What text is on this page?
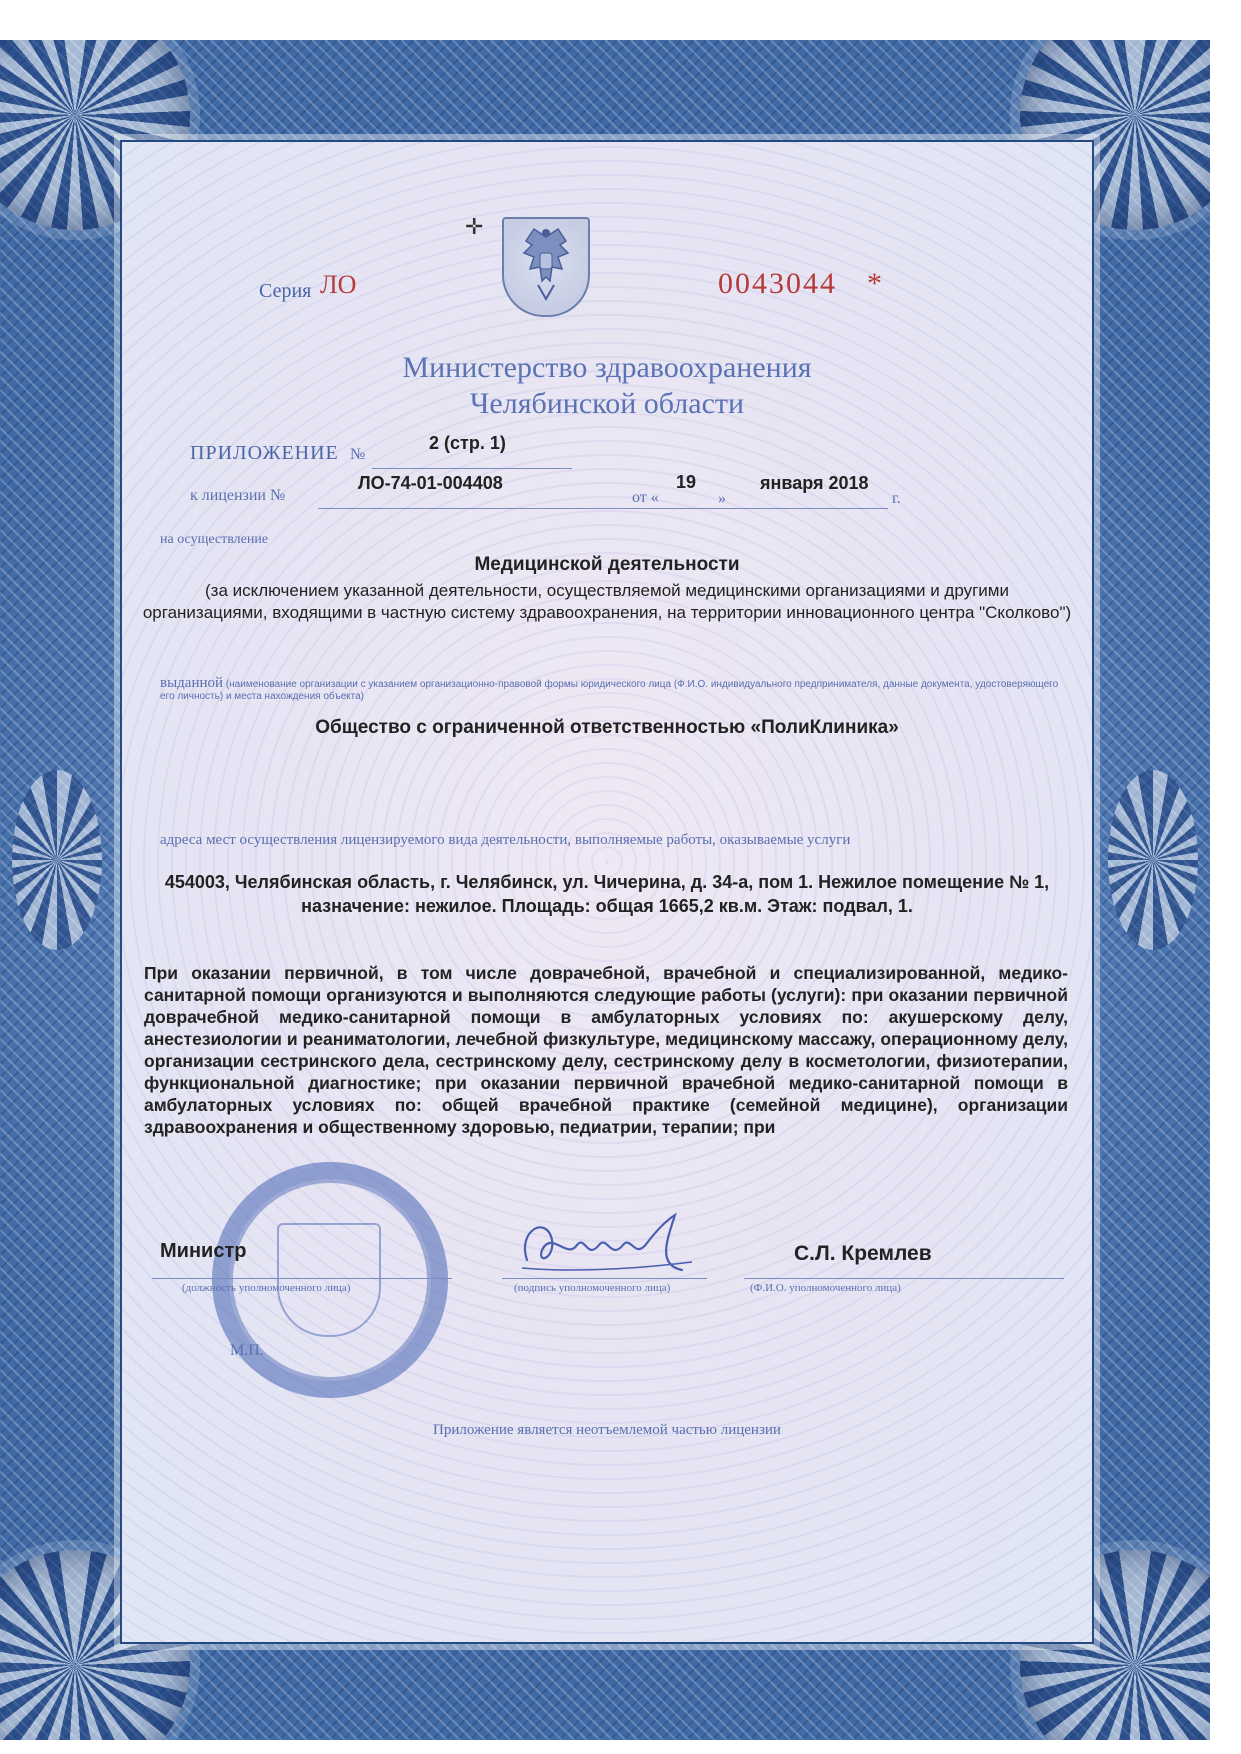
✛
Серия ЛО	0043044 *
Министерство здравоохранения
Челябинской области
ПРИЛОЖЕНИЕ №
2 (стр. 1)
к лицензии №
ЛО-74-01-004408
от «
19
»
января 2018
г.
на осуществление
Медицинской деятельности
(за исключением указанной деятельности, осуществляемой медицинскими организациями и другими организациями, входящими в частную систему здравоохранения, на территории инновационного центра "Сколково")
выданной (наименование организации с указанием организационно-правовой формы юридического лица (Ф.И.О. индивидуального предпринимателя, данные документа, удостоверяющего его личность) и места нахождения объекта)
Общество с ограниченной ответственностью «ПолиКлиника»
адреса мест осуществления лицензируемого вида деятельности, выполняемые работы, оказываемые услуги
454003, Челябинская область, г. Челябинск, ул. Чичерина, д. 34-а, пом 1. Нежилое помещение № 1, назначение: нежилое. Площадь: общая 1665,2 кв.м. Этаж: подвал, 1.
При оказании первичной, в том числе доврачебной, врачебной и специализированной, медико-санитарной помощи организуются и выполняются следующие работы (услуги): при оказании первичной доврачебной медико-санитарной помощи в амбулаторных условиях по: акушерскому делу, анестезиологии и реаниматологии, лечебной физкультуре, медицинскому массажу, операционному делу, организации сестринского дела, сестринскому делу, сестринскому делу в косметологии, физиотерапии, функциональной диагностике; при оказании первичной врачебной медико-санитарной помощи в амбулаторных условиях по: общей врачебной практике (семейной медицине), организации здравоохранения и общественному здоровью, педиатрии, терапии; при
Министр
(должность уполномоченного лица)	(подпись уполномоченного лица)
С.Л. Кремлев
(Ф.И.О. уполномоченного лица)
М.П.
Приложение является неотъемлемой частью лицензии
